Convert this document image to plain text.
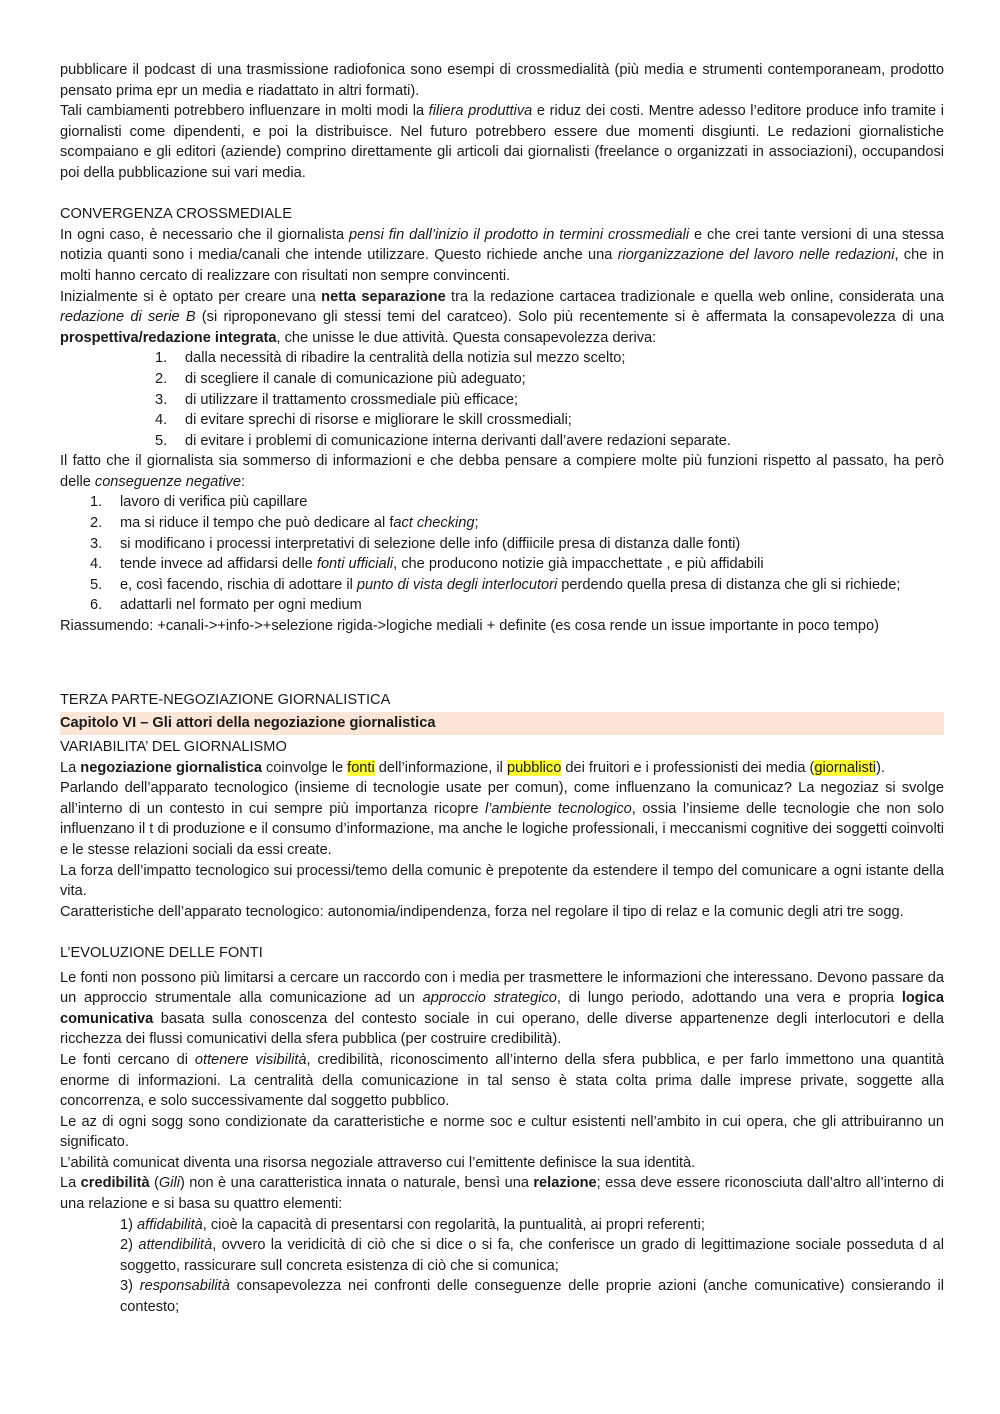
pubblicare il podcast di una trasmissione radiofonica sono esempi di crossmedialità (più media e strumenti contemporaneam, prodotto pensato prima epr un media e riadattato in altri formati).

Tali cambiamenti potrebbero influenzare in molti modi la filiera produttiva e riduz dei costi. Mentre adesso l’editore produce info tramite i giornalisti come dipendenti, e poi la distribuisce. Nel futuro potrebbero essere due momenti disgiunti. Le redazioni giornalistiche scompaiano e gli editori (aziende) comprino direttamente gli articoli dai giornalisti (freelance o organizzati in associazioni), occupandosi poi della pubblicazione sui vari media.

CONVERGENZA CROSSMEDIALE

In ogni caso, è necessario che il giornalista pensi fin dall’inizio il prodotto in termini crossmediali e che crei tante versioni di una stessa notizia quanti sono i media/canali che intende utilizzare. Questo richiede anche una riorganizzazione del lavoro nelle redazioni, che in molti hanno cercato di realizzare con risultati non sempre convincenti.

Inizialmente si è optato per creare una netta separazione tra la redazione cartacea tradizionale e quella web online, considerata una redazione di serie B (si riproponevano gli stessi temi del caratceo). Solo più recentemente si è affermata la consapevolezza di una prospettiva/redazione integrata, che unisse le due attività. Questa consapevolezza deriva:

1. dalla necessità di ribadire la centralità della notizia sul mezzo scelto;
2. di scegliere il canale di comunicazione più adeguato;
3. di utilizzare il trattamento crossmediale più efficace;
4. di evitare sprechi di risorse e migliorare le skill crossmediali;
5. di evitare i problemi di comunicazione interna derivanti dall’avere redazioni separate.

Il fatto che il giornalista sia sommerso di informazioni e che debba pensare a compiere molte più funzioni rispetto al passato, ha però delle conseguenze negative:

1. lavoro di verifica più capillare
2. ma si riduce il tempo che può dedicare al fact checking;
3. si modificano i processi interpretativi di selezione delle info (diffiicile presa di distanza dalle fonti)
4. tende invece ad affidarsi delle fonti ufficiali, che producono notizie già impacchettate , e più affidabili
5. e, così facendo, rischia di adottare il punto di vista degli interlocutori perdendo quella presa di distanza che gli si richiede;
6. adattarli nel formato per ogni medium

Riassumendo: +canali->+info->+selezione rigida->logiche mediali + definite (es cosa rende un issue importante in poco tempo)

TERZA PARTE-NEGOZIAZIONE GIORNALISTICA
Capitolo VI – Gli attori della negoziazione giornalistica
VARIABILITA’ DEL GIORNALISMO

La negoziazione giornalistica coinvolge le fonti dell’informazione, il pubblico dei fruitori e i professionisti dei media (giornalisti).

Parlando dell’apparato tecnologico (insieme di tecnologie usate per comun), come influenzano la comunicaz? La negoziaz si svolge all’interno di un contesto in cui sempre più importanza ricopre l’ambiente tecnologico, ossia l’insieme delle tecnologie che non solo influenzano il t di produzione e il consumo d’informazione, ma anche le logiche professionali, i meccanismi cognitive dei soggetti coinvolti e le stesse relazioni sociali da essi create.

La forza dell’impatto tecnologico sui processi/temo della comunic è prepotente da estendere il tempo del comunicare a ogni istante della vita.

Caratteristiche dell’apparato tecnologico: autonomia/indipendenza, forza nel regolare il tipo di relaz e la comunic degli atri tre sogg.

L’EVOLUZIONE DELLE FONTI

Le fonti non possono più limitarsi a cercare un raccordo con i media per trasmettere le informazioni che interessano. Devono passare da un approccio strumentale alla comunicazione ad un approccio strategico, di lungo periodo, adottando una vera e propria logica comunicativa basata sulla conoscenza del contesto sociale in cui operano, delle diverse appartenenze degli interlocutori e della ricchezza dei flussi comunicativi della sfera pubblica (per costruire credibilità).

Le fonti cercano di ottenere visibilità, credibilità, riconoscimento all’interno della sfera pubblica, e per farlo immettono una quantità enorme di informazioni. La centralità della comunicazione in tal senso è stata colta prima dalle imprese private, soggette alla concorrenza, e solo successivamente dal soggetto pubblico.

Le az di ogni sogg sono condizionate da caratteristiche e norme soc e cultur esistenti nell’ambito in cui opera, che gli attribuiranno un significato.

L’abilità comunicat diventa una risorsa negoziale attraverso cui l’emittente definisce la sua identità.

La credibilità (Gili) non è una caratteristica innata o naturale, bensì una relazione; essa deve essere riconosciuta dall’altro all’interno di una relazione e si basa su quattro elementi:

1) affidabilità, cioè la capacità di presentarsi con regolarità, la puntualità, ai propri referenti;

2) attendibilità, ovvero la veridicità di ciò che si dice o si fa, che conferisce un grado di legittimazione sociale posseduta d al soggetto, rassicurare sull concreta esistenza di ciò che si comunica;

3) responsabilità consapevolezza nei confronti delle conseguenze delle proprie azioni (anche comunicative) consierando il contesto;
